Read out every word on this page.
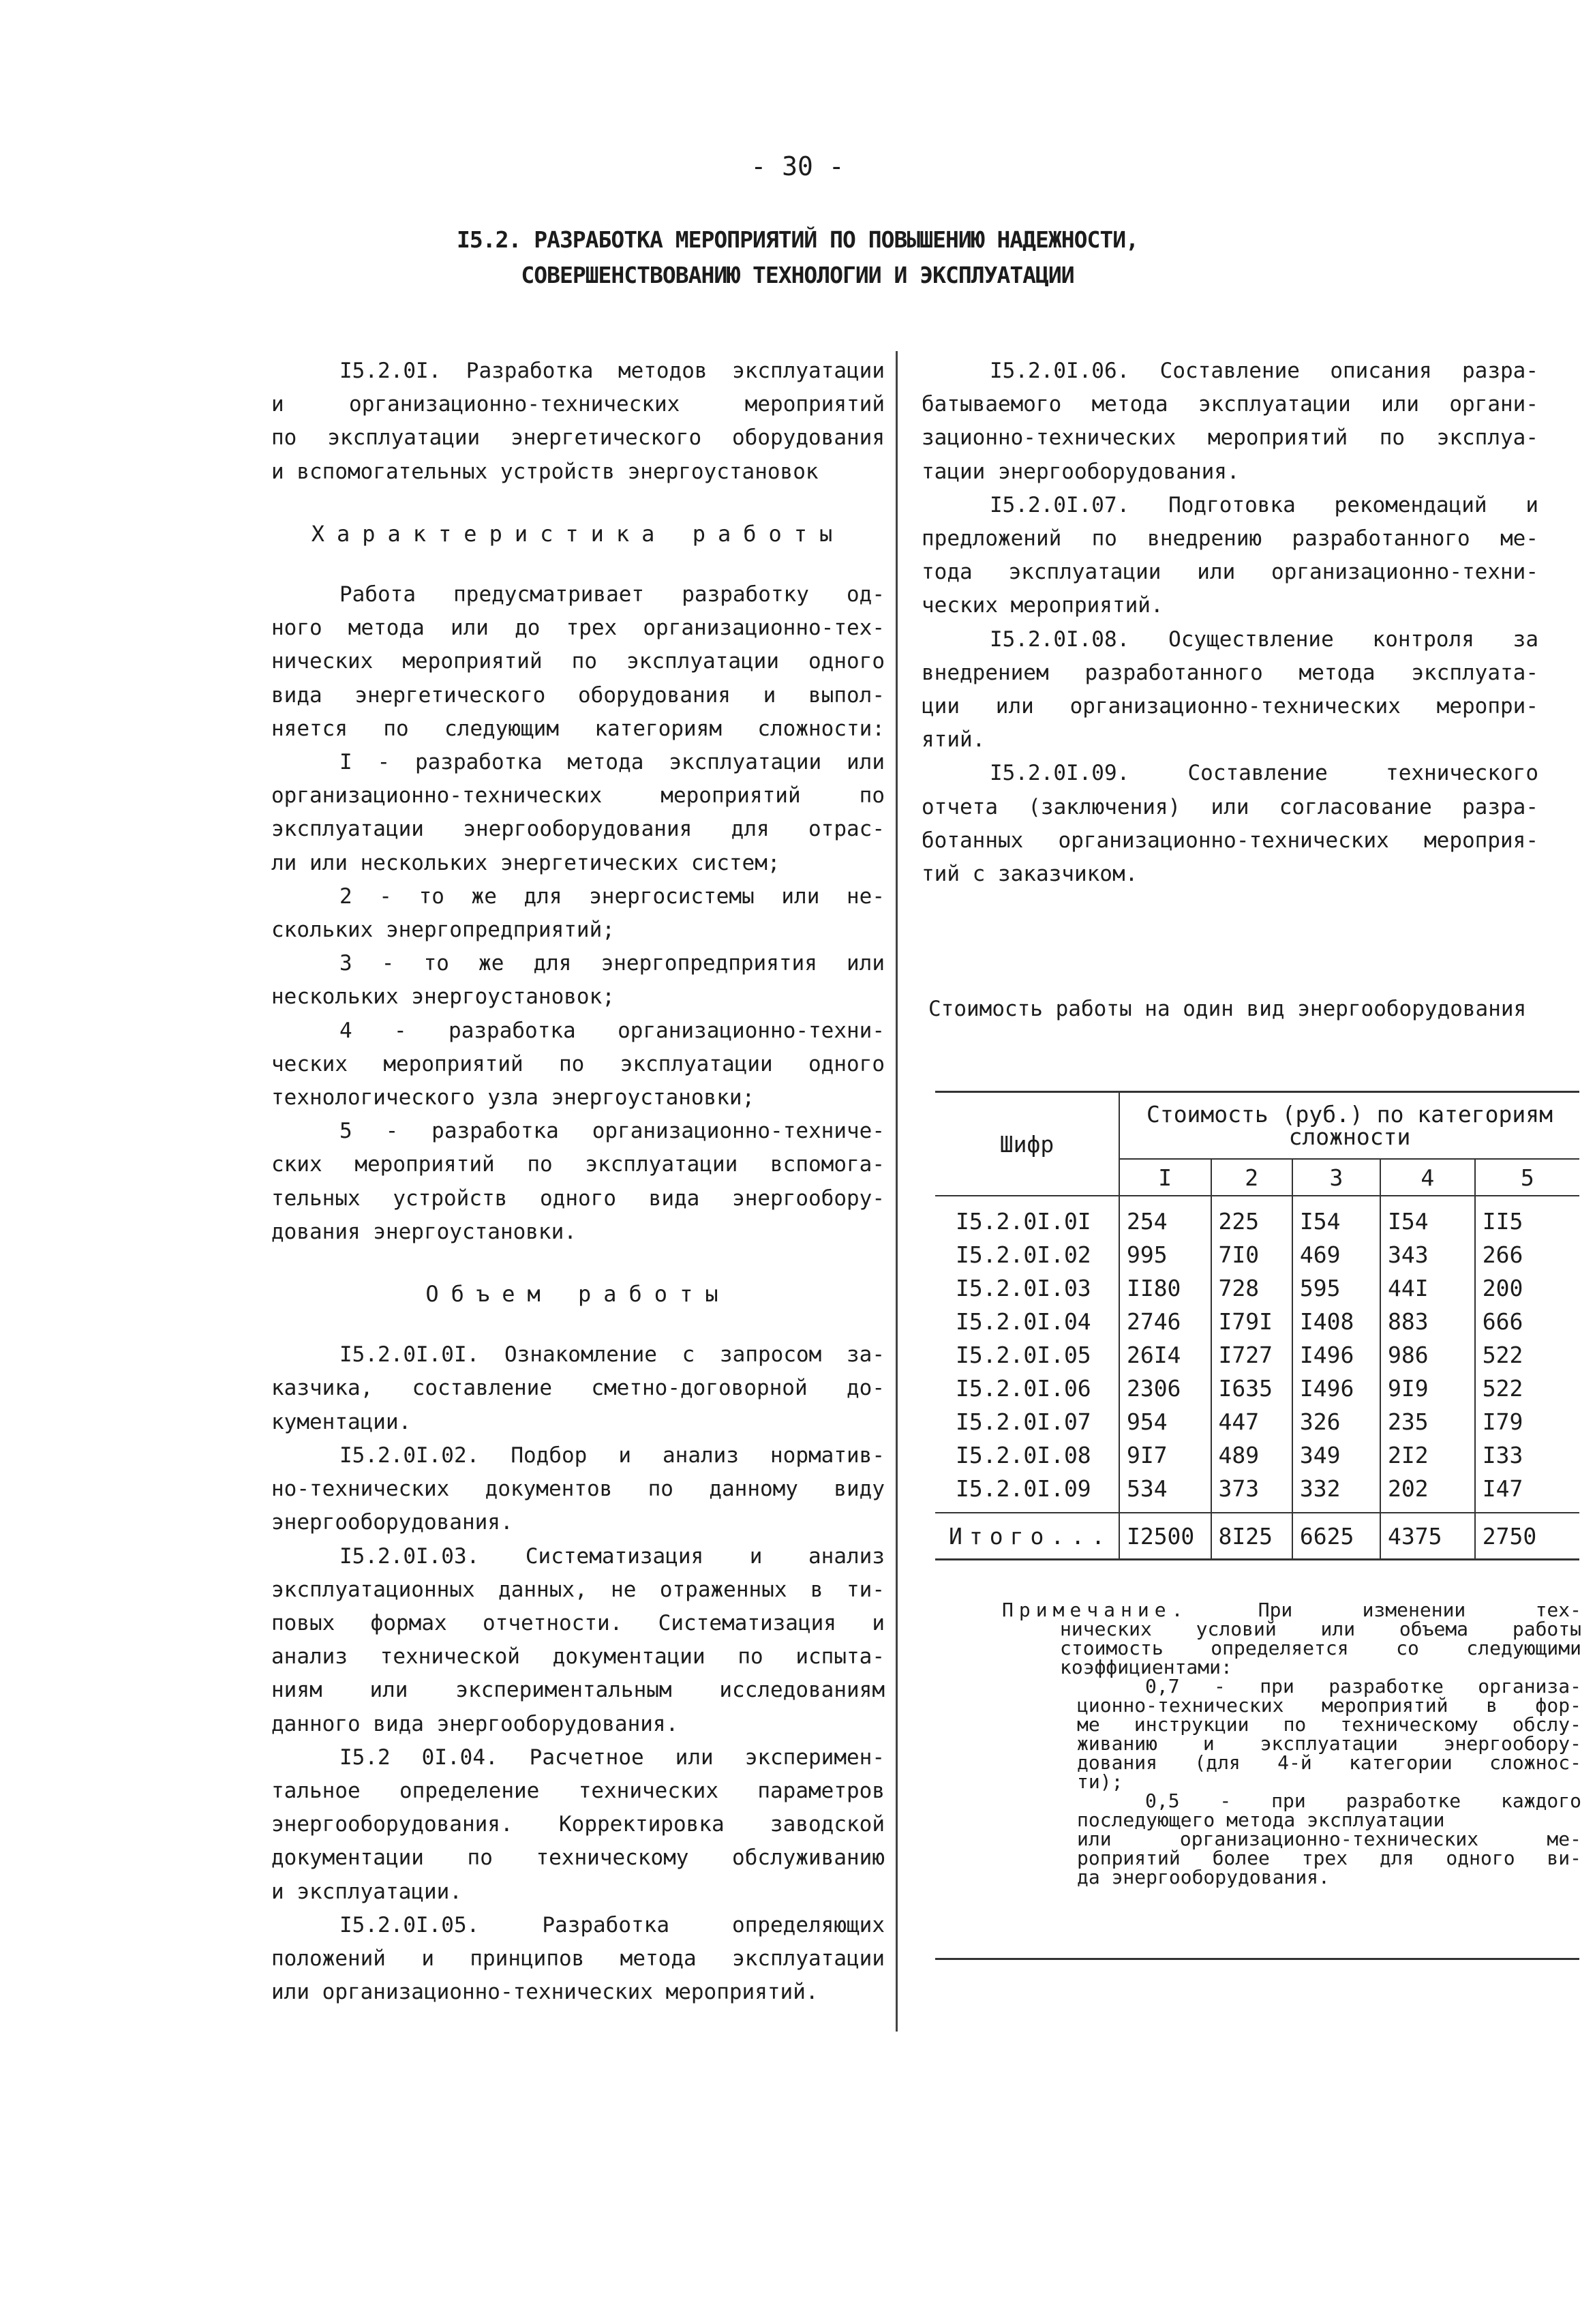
- 30 -
I5.2. РАЗРАБОТКА МЕРОПРИЯТИЙ ПО ПОВЫШЕНИЮ НАДЕЖНОСТИ,
СОВЕРШЕНСТВОВАНИЮ ТЕХНОЛОГИИ И ЭКСПЛУАТАЦИИ

I5.2.0I. Разработка методов эксплуатации

и организационно-технических мероприятий

по эксплуатации энергетического оборудования

и вспомогательных устройств энергоустановок

Характеристика работы

Работа предусматривает разработку од-

ного метода или до трех организационно-тех-

нических мероприятий по эксплуатации одного

вида энергетического оборудования и выпол-

няется по следующим категориям сложности:

I - разработка метода эксплуатации или

организационно-технических мероприятий по

эксплуатации энергооборудования для отрас-

ли или нескольких энергетических систем;

2 - то же для энергосистемы или не-

скольких энергопредприятий;

3 - то же для энергопредприятия или

нескольких энергоустановок;

4 - разработка организационно-техни-

ческих мероприятий по эксплуатации одного

технологического узла энергоустановки;

5 - разработка организационно-техниче-

ских мероприятий по эксплуатации вспомога-

тельных устройств одного вида энергообору-

дования энергоустановки.

Объем работы

I5.2.0I.0I. Ознакомление с запросом за-

казчика, составление сметно-договорной до-

кументации.

I5.2.0I.02. Подбор и анализ норматив-

но-технических документов по данному виду

энергооборудования.

I5.2.0I.03. Систематизация и анализ

эксплуатационных данных, не отраженных в ти-

повых формах отчетности. Систематизация и

анализ технической документации по испыта-

ниям или экспериментальным исследованиям

данного вида энергооборудования.

I5.2 0I.04. Расчетное или эксперимен-

тальное определение технических параметров

энергооборудования. Корректировка заводской

документации по техническому обслуживанию

и эксплуатации.

I5.2.0I.05. Разработка определяющих

положений и принципов метода эксплуатации

или организационно-технических мероприятий.

I5.2.0I.06. Составление описания разра-

батываемого метода эксплуатации или органи-

зационно-технических мероприятий по эксплуа-

тации энергооборудования.

I5.2.0I.07. Подготовка рекомендаций и

предложений по внедрению разработанного ме-

тода эксплуатации или организационно-техни-

ческих мероприятий.

I5.2.0I.08. Осуществление контроля за

внедрением разработанного метода эксплуата-

ции или организационно-технических меропри-

ятий.

I5.2.0I.09. Составление технического

отчета (заключения) или согласование разра-

ботанных организационно-технических мероприя-

тий с заказчиком.

Стоимость работы на один вид энергооборудования
Шифр	Стоимость (руб.) по категориям сложности				
	I	2	3	4	5
I5.2.0I.0I	254	225	I54	I54	II5
I5.2.0I.02	995	7I0	469	343	266
I5.2.0I.03	II80	728	595	44I	200
I5.2.0I.04	2746	I79I	I408	883	666
I5.2.0I.05	26I4	I727	I496	986	522
I5.2.0I.06	2306	I635	I496	9I9	522
I5.2.0I.07	954	447	326	235	I79
I5.2.0I.08	9I7	489	349	2I2	I33
I5.2.0I.09	534	373	332	202	I47
Итого...	I2500	8I25	6625	4375	2750

Примечание.	При изменении тех-

нических условий или объема работы

стоимость определяется со следующими

коэффициентами:

0,7 - при разработке организа-

ционно-технических мероприятий в фор-

ме инструкции по техническому обслу-

живанию и эксплуатации энергообору-

дования (для 4-й категории сложнос-

ти);

0,5 - при разработке каждого

последующего метода эксплуатации

или организационно-технических ме-

роприятий более трех для одного ви-

да энергооборудования.
